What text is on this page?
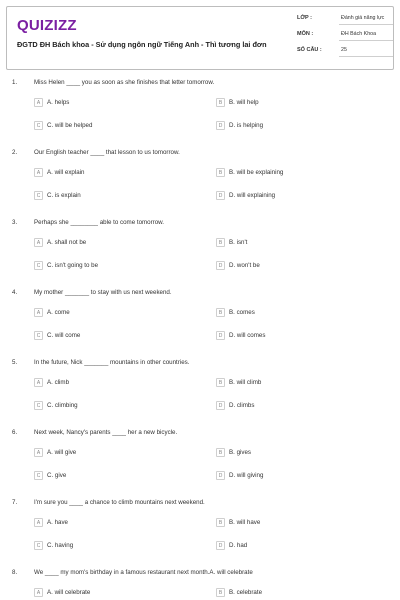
QUIZIZZ
ĐGTD ĐH Bách khoa - Sử dụng ngôn ngữ Tiếng Anh - Thì tương lai đơn
LỚP :	Đánh giá năng lực
MÔN :	ĐH Bách Khoa
SỐ CÂU :	25
1.	Miss Helen ____ you as soon as she finishes that letter tomorrow.
A	A. helps	B	B. will help
C	C. will be helped	D	D. is helping
2.	Our English teacher ____ that lesson to us tomorrow.
A	A. will explain	B	B. will be explaining
C	C. is explain	D	D. will explaining
3.	Perhaps she ________ able to come tomorrow.
A	A. shall not be	B	B. isn't
C	C. isn't going to be	D	D. won't be
4.	My mother _______ to stay with us next weekend.
A	A. come	B	B. comes
C	C. will come	D	D. will comes
5.	In the future, Nick _______ mountains in other countries.
A	A. climb	B	B. will climb
C	C. climbing	D	D. climbs
6.	Next week, Nancy's parents ____ her a new bicycle.
A	A. will give	B	B. gives
C	C. give	D	D. will giving
7.	I'm sure you ____ a chance to climb mountains next weekend.
A	A. have	B	B. will have
C	C. having	D	D. had
8.	We ____ my mom's birthday in a famous restaurant next month.A. will celebrate
A	A. will celebrate	B	B. celebrate
